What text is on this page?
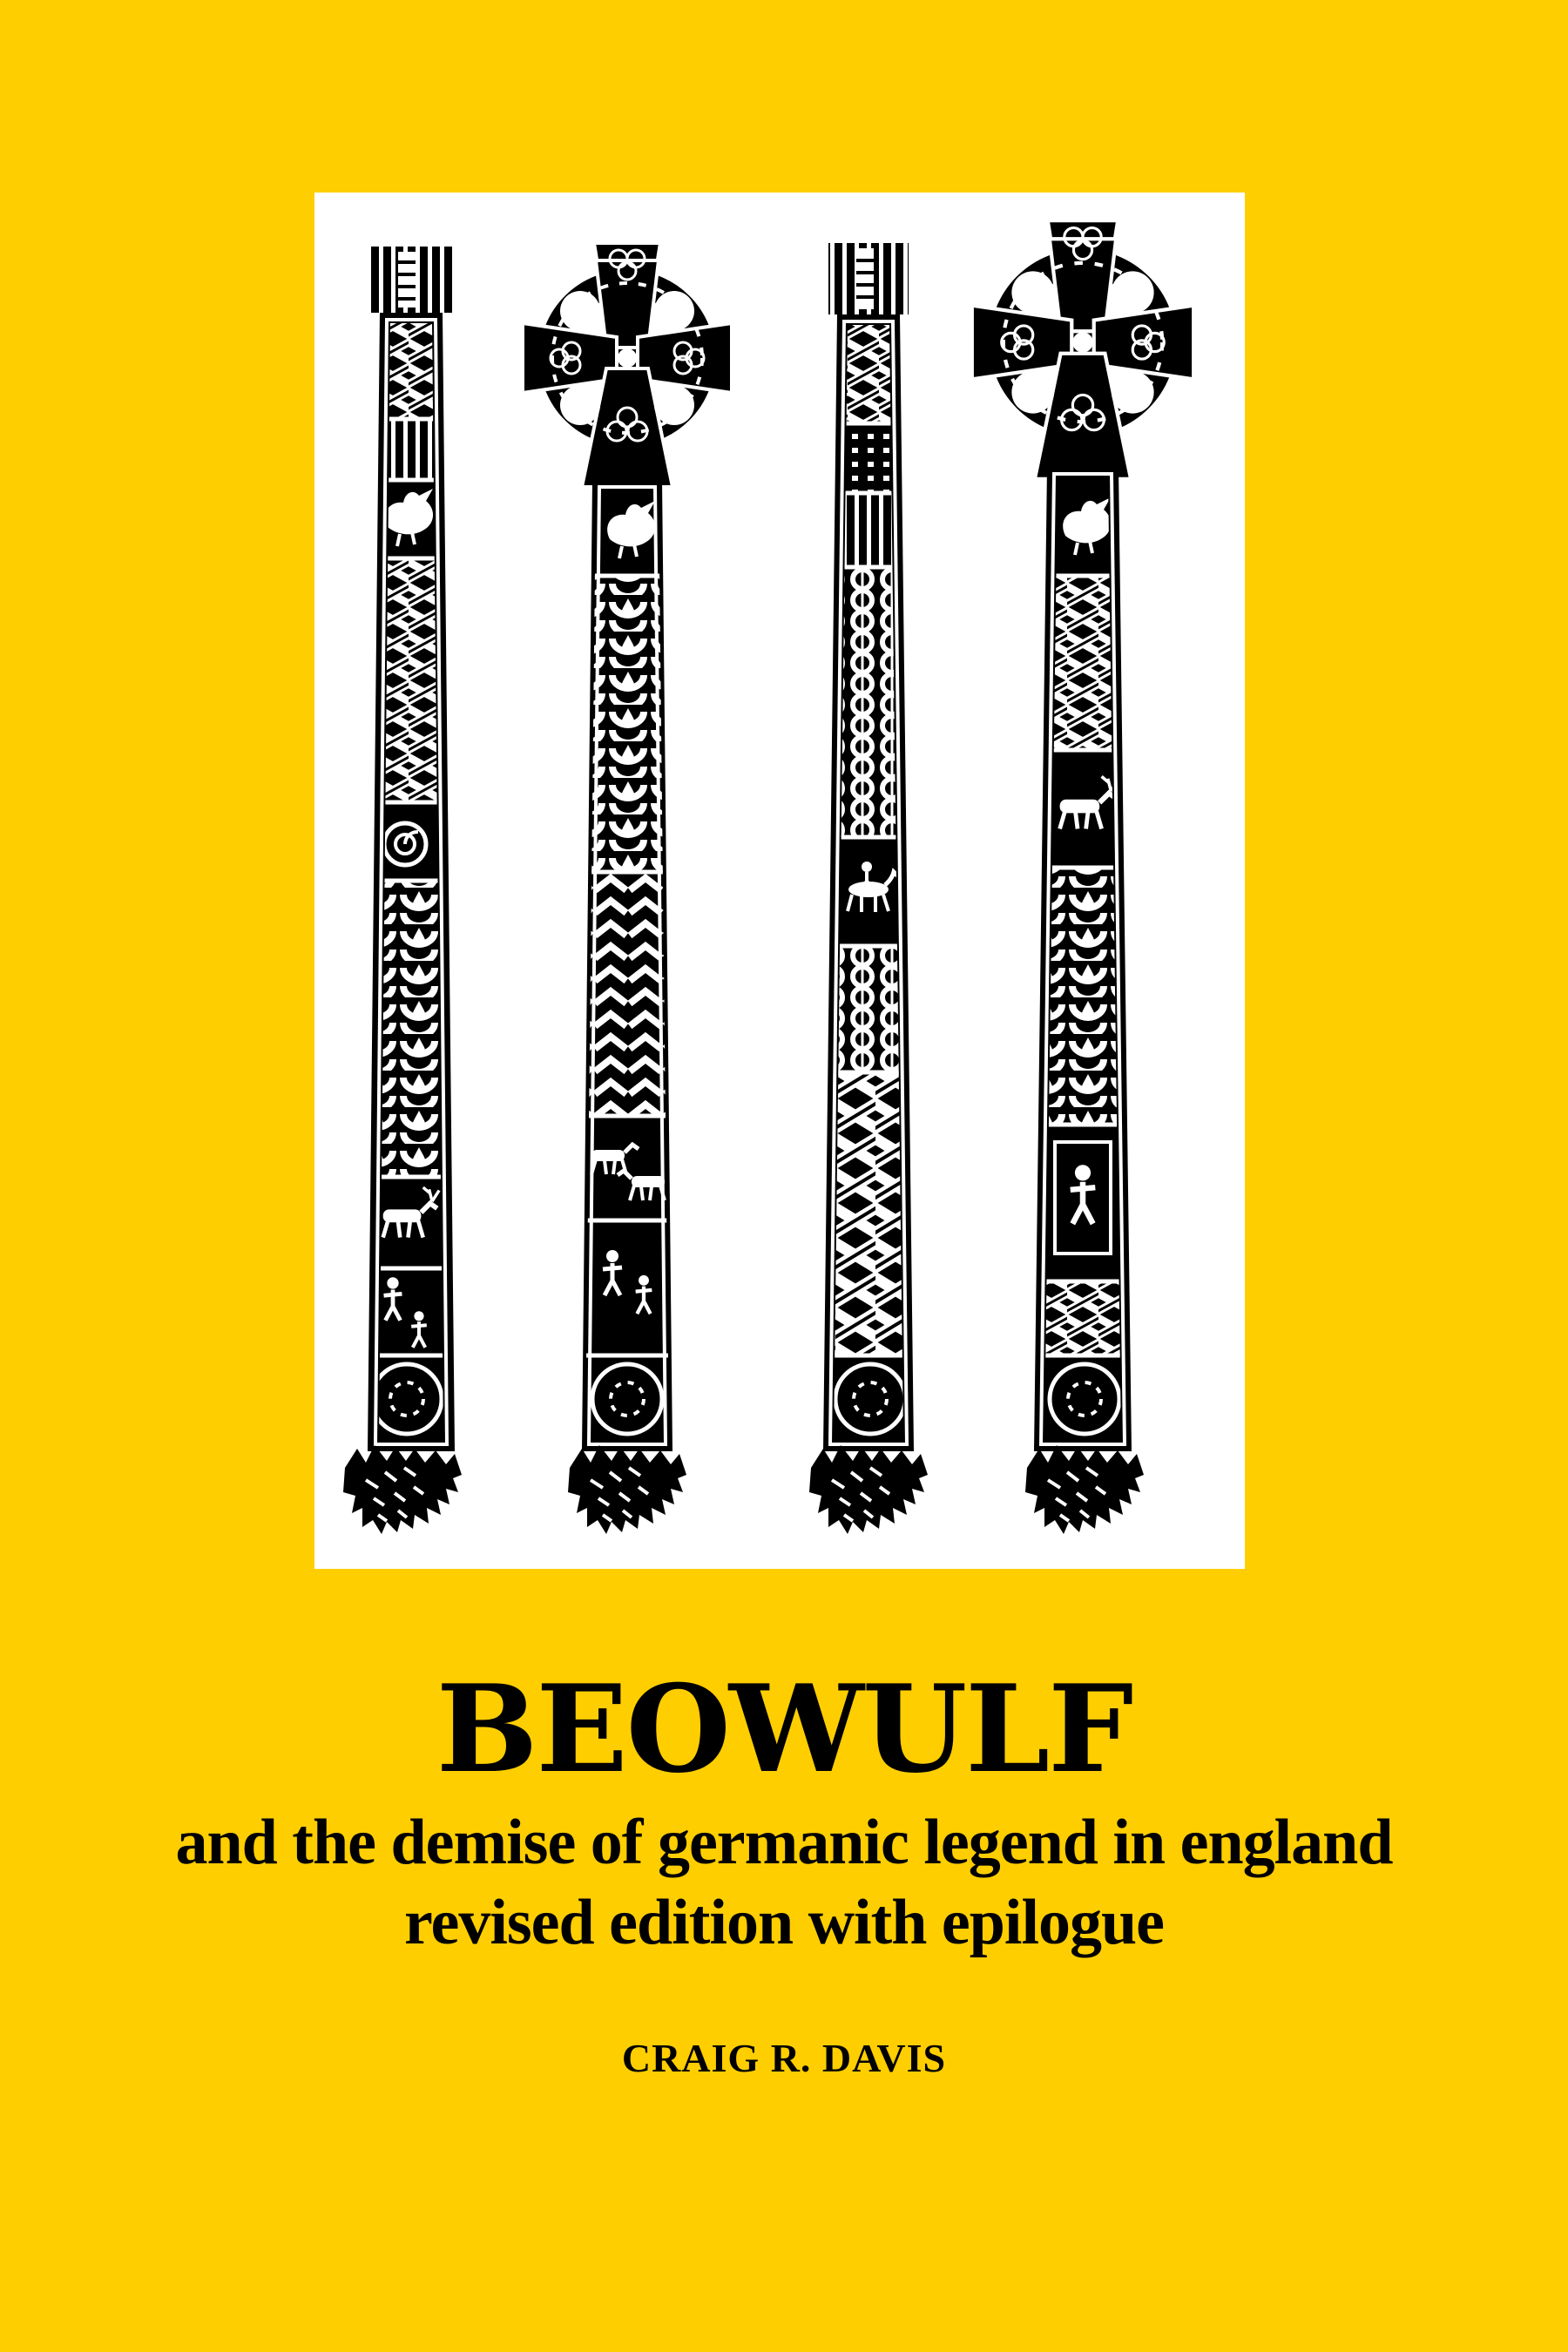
BEOWULF
and the demise of germanic legend in england
revised edition with epilogue
CRAIG R. DAVIS
